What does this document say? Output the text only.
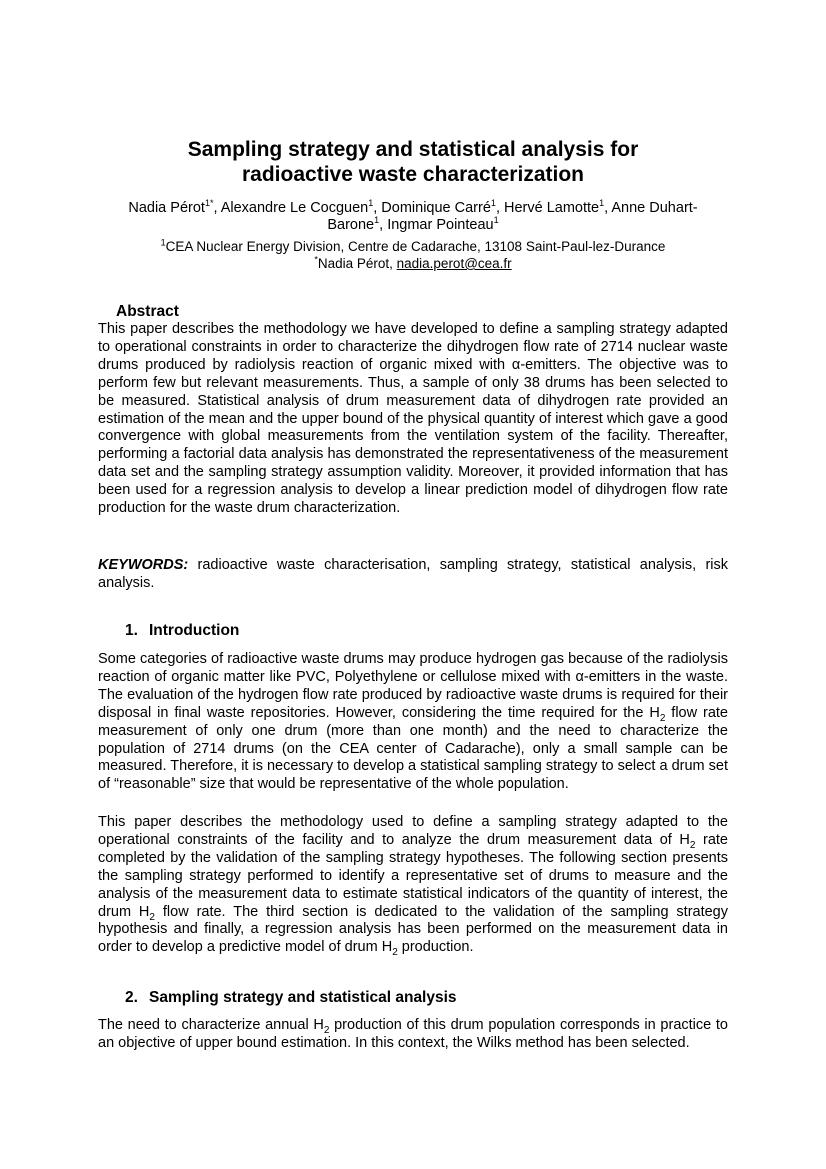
Sampling strategy and statistical analysis for
radioactive waste characterization
Nadia Pérot$^{1*}$, Alexandre Le Cocguen$^1$, Dominique Carré$^1$, Hervé Lamotte$^1$, Anne Duhart-
Barone$^1$, Ingmar Pointeau$^1$
$^1$CEA Nuclear Energy Division, Centre de Cadarache, 13108 Saint-Paul-lez-Durance
*Nadia Pérot, nadia.perot@cea.fr
Abstract

This paper describes the methodology we have developed to define a sampling strategy adapted to operational constraints in order to characterize the dihydrogen flow rate of 2714 nuclear waste drums produced by radiolysis reaction of organic mixed with α-emitters. The objective was to perform few but relevant measurements. Thus, a sample of only 38 drums has been selected to be measured. Statistical analysis of drum measurement data of dihydrogen rate provided an estimation of the mean and the upper bound of the physical quantity of interest which gave a good convergence with global measurements from the ventilation system of the facility. Thereafter, performing a factorial data analysis has demonstrated the representativeness of the measurement data set and the sampling strategy assumption validity. Moreover, it provided information that has been used for a regression analysis to develop a linear prediction model of dihydrogen flow rate production for the waste drum characterization.

KEYWORDS: radioactive waste characterisation, sampling strategy, statistical analysis, risk analysis.

1. Introduction

Some categories of radioactive waste drums may produce hydrogen gas because of the radiolysis reaction of organic matter like PVC, Polyethylene or cellulose mixed with α-emitters in the waste. The evaluation of the hydrogen flow rate produced by radioactive waste drums is required for their disposal in final waste repositories. However, considering the time required for the $H_2$ flow rate measurement of only one drum (more than one month) and the need to characterize the population of 2714 drums (on the CEA center of Cadarache), only a small sample can be measured. Therefore, it is necessary to develop a statistical sampling strategy to select a drum set of “reasonable” size that would be representative of the whole population.

This paper describes the methodology used to define a sampling strategy adapted to the operational constraints of the facility and to analyze the drum measurement data of $H_2$ rate completed by the validation of the sampling strategy hypotheses. The following section presents the sampling strategy performed to identify a representative set of drums to measure and the analysis of the measurement data to estimate statistical indicators of the quantity of interest, the drum $H_2$ flow rate. The third section is dedicated to the validation of the sampling strategy hypothesis and finally, a regression analysis has been performed on the measurement data in order to develop a predictive model of drum $H_2$ production.

2. Sampling strategy and statistical analysis

The need to characterize annual $H_2$ production of this drum population corresponds in practice to an objective of upper bound estimation. In this context, the Wilks method has been selected.
